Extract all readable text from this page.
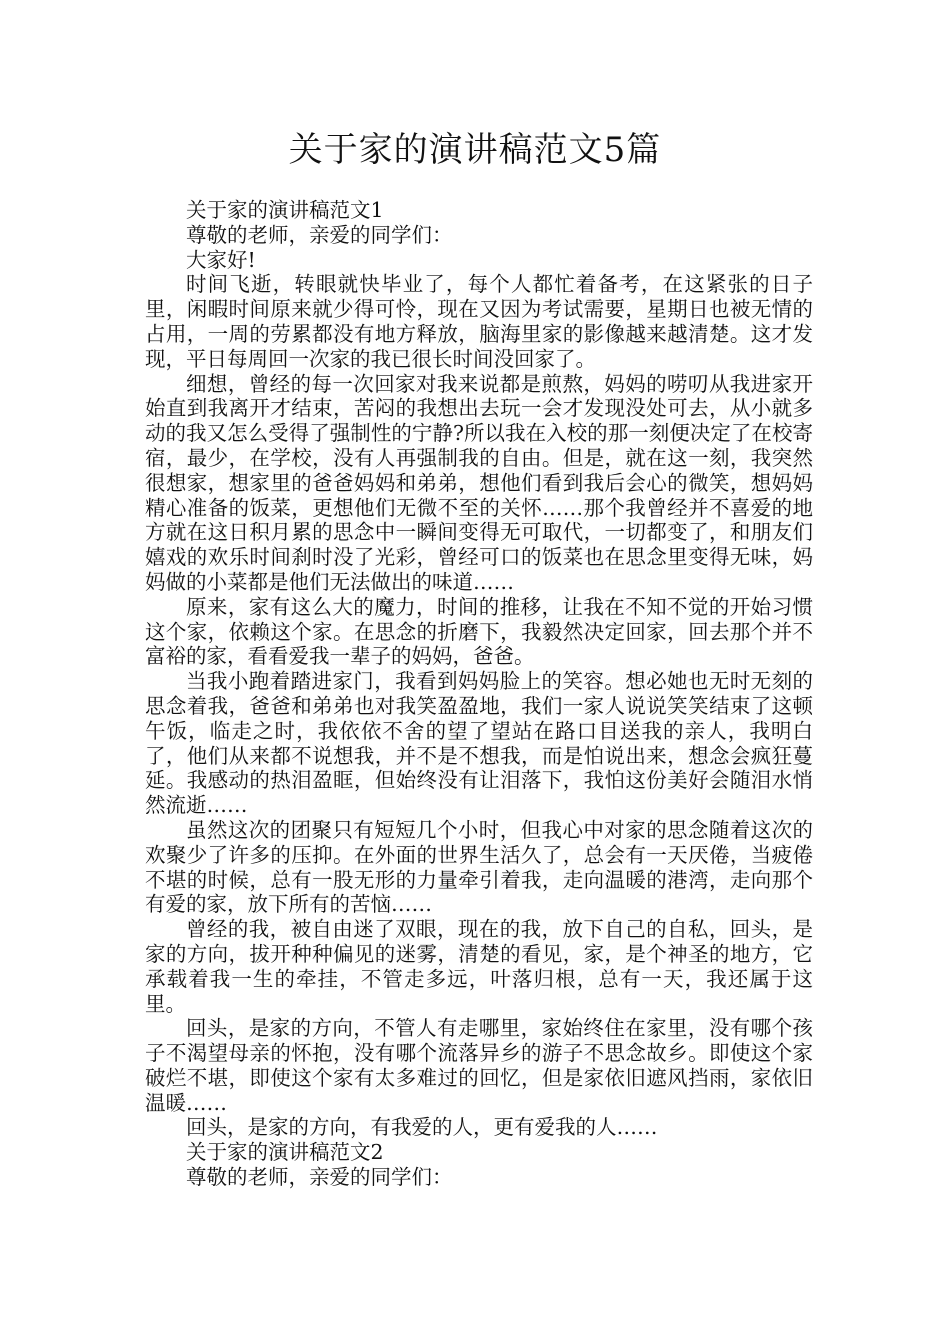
关于家的演讲稿范文5篇

关于家的演讲稿范文1

尊敬的老师，亲爱的同学们：

大家好!

时间飞逝，转眼就快毕业了，每个人都忙着备考，在这紧张的日子里，闲暇时间原来就少得可怜，现在又因为考试需要，星期日也被无情的占用，一周的劳累都没有地方释放，脑海里家的影像越来越清楚。这才发现，平日每周回一次家的我已很长时间没回家了。

细想，曾经的每一次回家对我来说都是煎熬，妈妈的唠叨从我进家开始直到我离开才结束，苦闷的我想出去玩一会才发现没处可去，从小就多动的我又怎么受得了强制性的宁静?所以我在入校的那一刻便决定了在校寄宿，最少，在学校，没有人再强制我的自由。但是，就在这一刻，我突然很想家，想家里的爸爸妈妈和弟弟，想他们看到我后会心的微笑，想妈妈精心准备的饭菜，更想他们无微不至的关怀……那个我曾经并不喜爱的地方就在这日积月累的思念中一瞬间变得无可取代，一切都变了，和朋友们嬉戏的欢乐时间刹时没了光彩，曾经可口的饭菜也在思念里变得无味，妈妈做的小菜都是他们无法做出的味道……

原来，家有这么大的魔力，时间的推移，让我在不知不觉的开始习惯这个家，依赖这个家。在思念的折磨下，我毅然决定回家，回去那个并不富裕的家，看看爱我一辈子的妈妈，爸爸。

当我小跑着踏进家门，我看到妈妈脸上的笑容。想必她也无时无刻的思念着我，爸爸和弟弟也对我笑盈盈地，我们一家人说说笑笑结束了这顿午饭，临走之时，我依依不舍的望了望站在路口目送我的亲人，我明白了，他们从来都不说想我，并不是不想我，而是怕说出来，想念会疯狂蔓延。我感动的热泪盈眶，但始终没有让泪落下，我怕这份美好会随泪水悄然流逝……

虽然这次的团聚只有短短几个小时，但我心中对家的思念随着这次的欢聚少了许多的压抑。在外面的世界生活久了，总会有一天厌倦，当疲倦不堪的时候，总有一股无形的力量牵引着我，走向温暖的港湾，走向那个有爱的家，放下所有的苦恼……

曾经的我，被自由迷了双眼，现在的我，放下自己的自私，回头，是家的方向，拔开种种偏见的迷雾，清楚的看见，家，是个神圣的地方，它承载着我一生的牵挂，不管走多远，叶落归根，总有一天，我还属于这里。

回头，是家的方向，不管人有走哪里，家始终住在家里，没有哪个孩子不渴望母亲的怀抱，没有哪个流落异乡的游子不思念故乡。即使这个家破烂不堪，即使这个家有太多难过的回忆，但是家依旧遮风挡雨，家依旧温暖……

回头，是家的方向，有我爱的人，更有爱我的人……

关于家的演讲稿范文2

尊敬的老师，亲爱的同学们：
